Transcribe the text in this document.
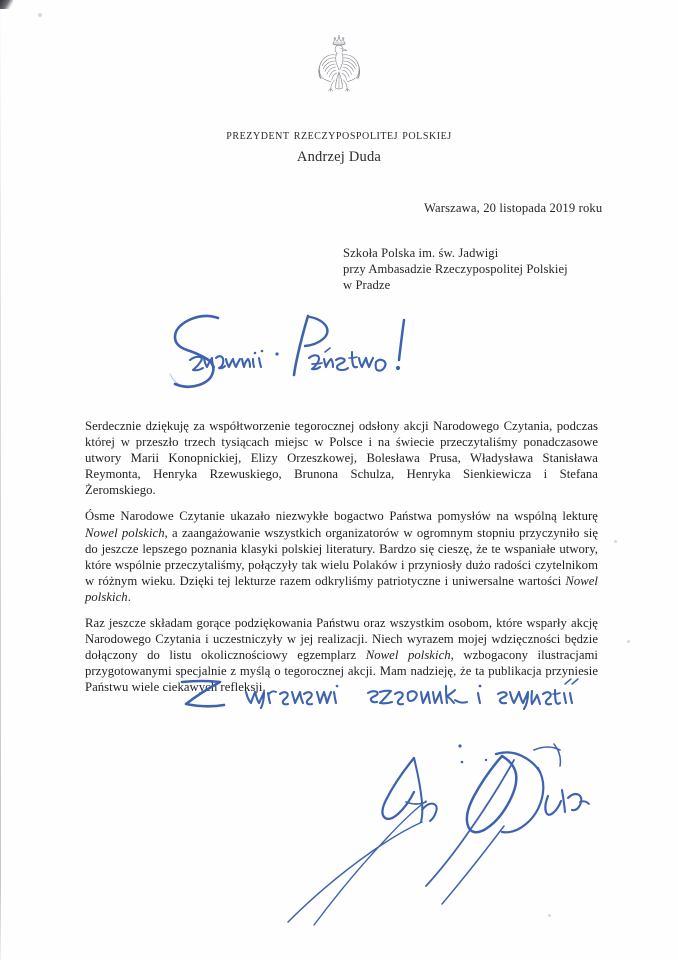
prezydent rzeczypospolitej polskiej
Andrzej Duda
Warszawa, 20 listopada 2019 roku
Szkoła Polska im. św. Jadwigi
przy Ambasadzie Rzeczypospolitej Polskiej
w Pradze

Serdecznie dziękuję za współtworzenie tegorocznej odsłony akcji Narodowego Czytania, podczas której w przeszło trzech tysiącach miejsc w Polsce i na świecie przeczytaliśmy ponadczasowe utwory Marii Konopnickiej, Elizy Orzeszkowej, Bolesława Prusa, Władysława Stanisława Reymonta, Henryka Rzewuskiego, Brunona Schulza, Henryka Sienkiewicza i Stefana Żeromskiego.

Ósme Narodowe Czytanie ukazało niezwykłe bogactwo Państwa pomysłów na wspólną lekturę Nowel polskich, a zaangażowanie wszystkich organizatorów w ogromnym stopniu przyczyniło się do jeszcze lepszego poznania klasyki polskiej literatury. Bardzo się cieszę, że te wspaniałe utwory, które wspólnie przeczytaliśmy, połączyły tak wielu Polaków i przyniosły dużo radości czytelnikom w różnym wieku. Dzięki tej lekturze razem odkryliśmy patriotyczne i uniwersalne wartości Nowel polskich.

Raz jeszcze składam gorące podziękowania Państwu oraz wszystkim osobom, które wsparły akcję Narodowego Czytania i uczestniczyły w jej realizacji. Niech wyrazem mojej wdzięczności będzie dołączony do listu okolicznościowy egzemplarz Nowel polskich, wzbogacony ilustracjami przygotowanymi specjalnie z myślą o tegorocznej akcji. Mam nadzieję, że ta publikacja przyniesie Państwu wiele ciekawych refleksji.
